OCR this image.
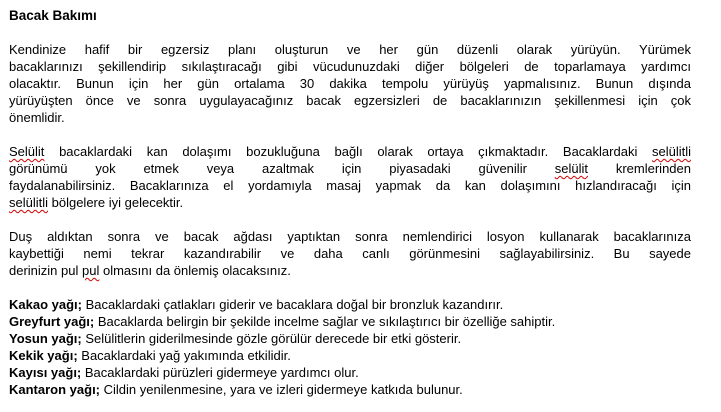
Bacak Bakımı
Kendinize hafif bir egzersiz planı oluşturun ve her gün düzenli olarak yürüyün. Yürümek
bacaklarınızı şekillendirip sıkılaştıracağı gibi vücudunuzdaki diğer bölgeleri de toparlamaya yardımcı
olacaktır. Bunun için her gün ortalama 30 dakika tempolu yürüyüş yapmalısınız. Bunun dışında
yürüyüşten önce ve sonra uygulayacağınız bacak egzersizleri de bacaklarınızın şekillenmesi için çok
önemlidir.
Selülit bacaklardaki kan dolaşımı bozukluğuna bağlı olarak ortaya çıkmaktadır. Bacaklardaki selülitli
görünümü yok etmek veya azaltmak için piyasadaki güvenilir selülit kremlerinden
faydalanabilirsiniz. Bacaklarınıza el yordamıyla masaj yapmak da kan dolaşımını hızlandıracağı için
selülitli bölgelere iyi gelecektir.
Duş aldıktan sonra ve bacak ağdası yaptıktan sonra nemlendirici losyon kullanarak bacaklarınıza
kaybettiği nemi tekrar kazandırabilir ve daha canlı görünmesini sağlayabilirsiniz. Bu sayede
derinizin pul pul olmasını da önlemiş olacaksınız.
Kakao yağı; Bacaklardaki çatlakları giderir ve bacaklara doğal bir bronzluk kazandırır.
Greyfurt yağı; Bacaklarda belirgin bir şekilde incelme sağlar ve sıkılaştırıcı bir özelliğe sahiptir.
Yosun yağı; Selülitlerin giderilmesinde gözle görülür derecede bir etki gösterir.
Kekik yağı; Bacaklardaki yağ yakımında etkilidir.
Kayısı yağı; Bacaklardaki pürüzleri gidermeye yardımcı olur.
Kantaron yağı; Cildin yenilenmesine, yara ve izleri gidermeye katkıda bulunur.
